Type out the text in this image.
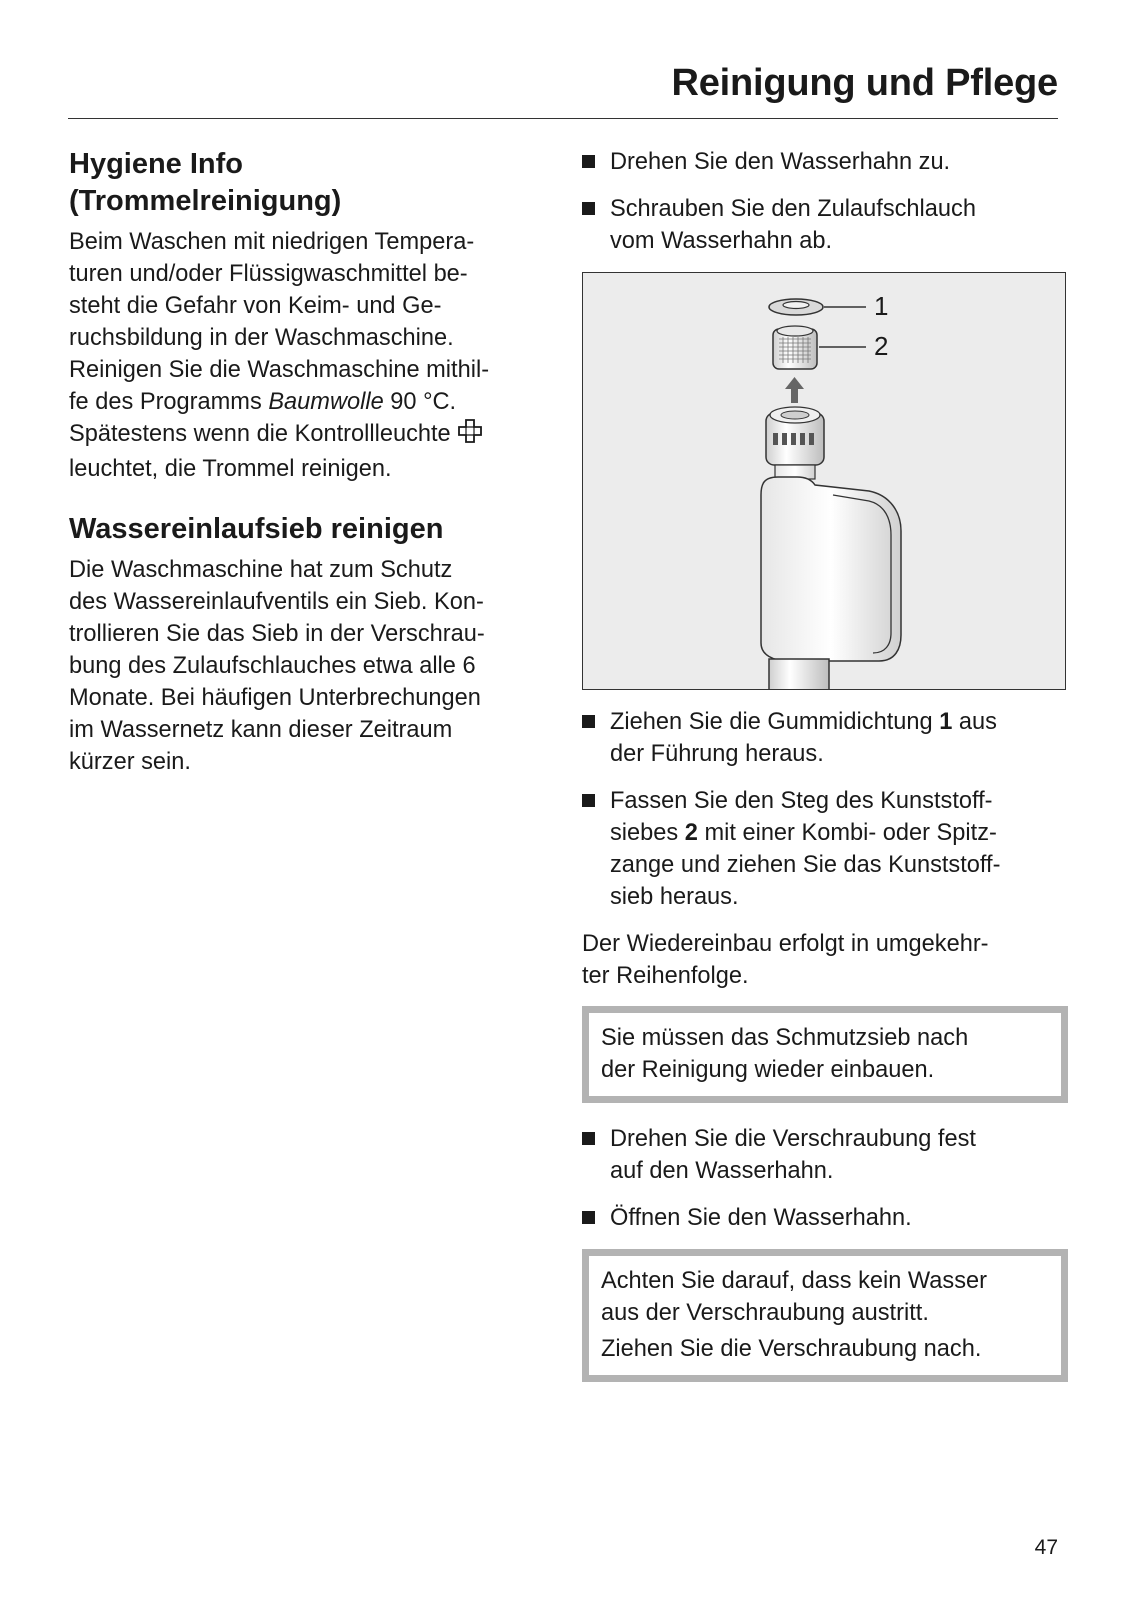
Reinigung und Pflege
Hygiene Info
(Trommelreinigung)
Beim Waschen mit niedrigen Tempera-
turen und/oder Flüssigwaschmittel be-
steht die Gefahr von Keim- und Ge-
ruchsbildung in der Waschmaschine.
Reinigen Sie die Waschmaschine mithil-
fe des Programms Baumwolle 90 °C.
Spätestens wenn die Kontrollleuchte
leuchtet, die Trommel reinigen.
Wassereinlaufsieb reinigen
Die Waschmaschine hat zum Schutz
des Wassereinlaufventils ein Sieb. Kon-
trollieren Sie das Sieb in der Verschrau-
bung des Zulaufschlauches etwa alle 6
Monate. Bei häufigen Unterbrechungen
im Wassernetz kann dieser Zeitraum
kürzer sein.
Drehen Sie den Wasserhahn zu.
Schrauben Sie den Zulaufschlauch
vom Wasserhahn ab.
1
2
Ziehen Sie die Gummidichtung 1 aus
der Führung heraus.
Fassen Sie den Steg des Kunststoff-
siebes 2 mit einer Kombi- oder Spitz-
zange und ziehen Sie das Kunststoff-
sieb heraus.
Der Wiedereinbau erfolgt in umgekehr-
ter Reihenfolge.

Sie müssen das Schmutzsieb nach
der Reinigung wieder einbauen.

Drehen Sie die Verschraubung fest
auf den Wasserhahn.
Öffnen Sie den Wasserhahn.

Achten Sie darauf, dass kein Wasser
aus der Verschraubung austritt.

Ziehen Sie die Verschraubung nach.

47
